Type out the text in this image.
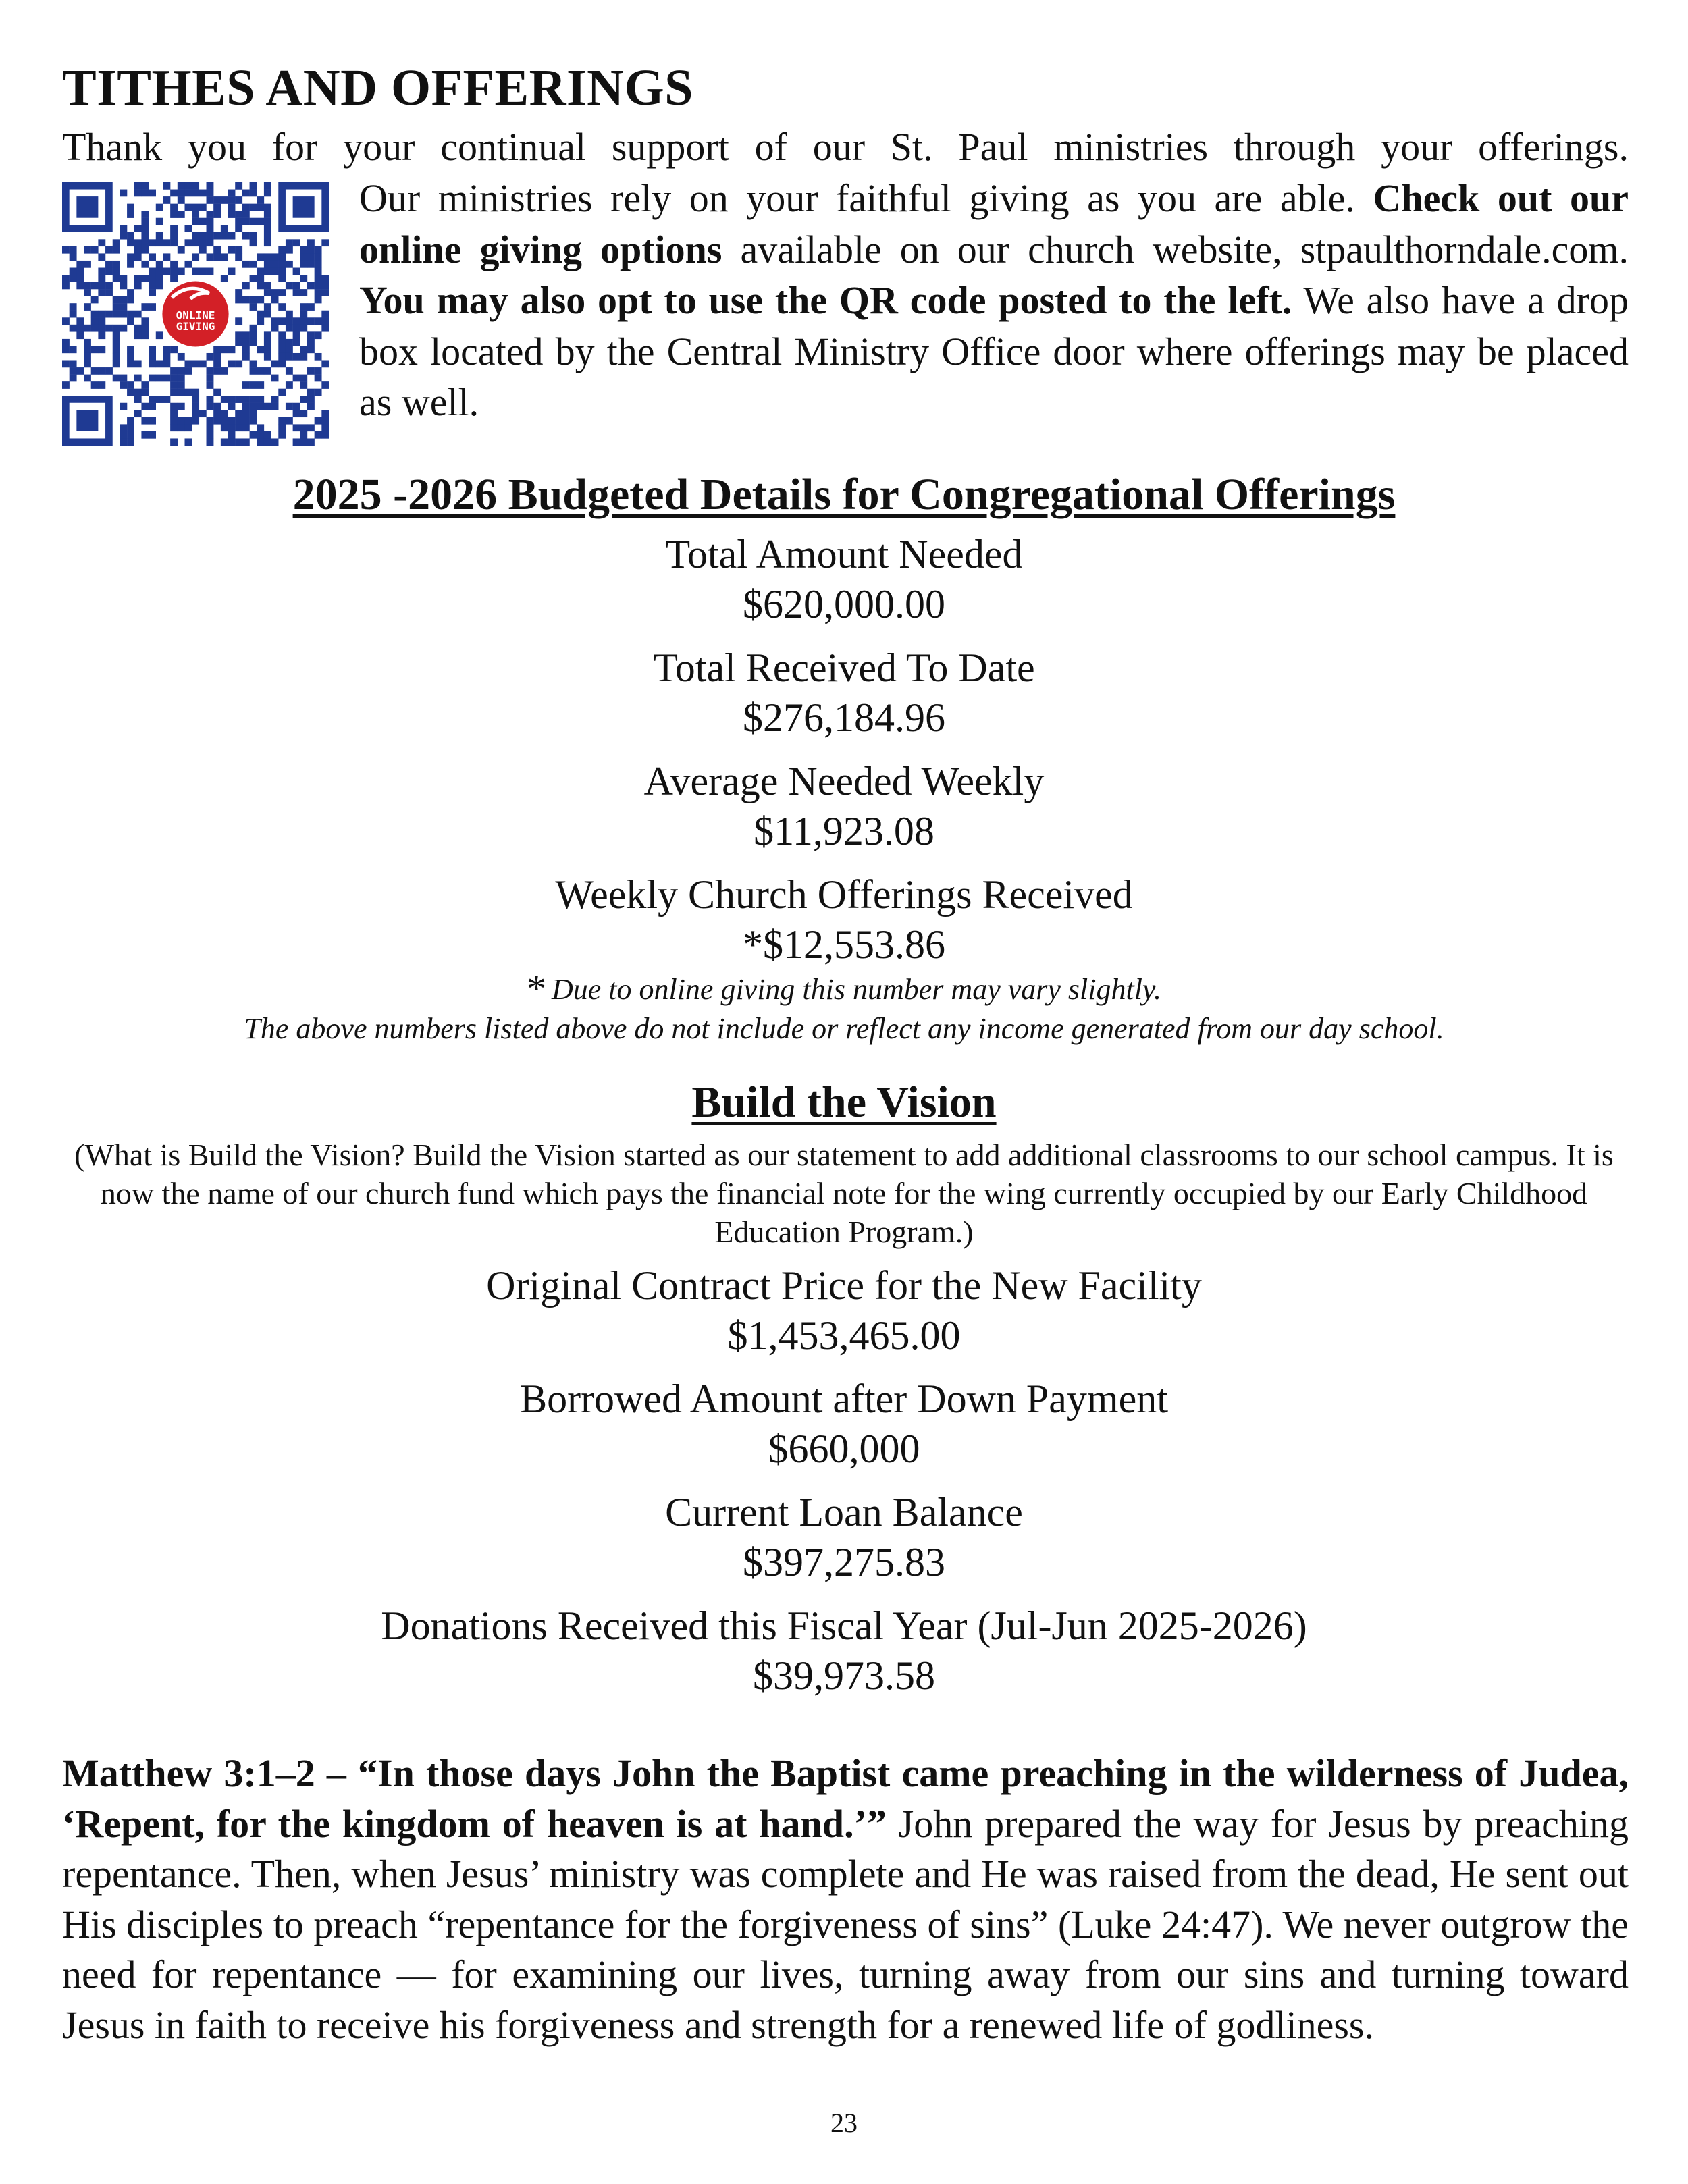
TITHES AND OFFERINGS
Thank you for your continual support of our St. Paul ministries through your offerings.
ONLINE
GIVING
Our ministries rely on your faithful giving as you are able. Check out our online giving options available on our church website, stpaulthorndale.com. You may also opt to use the QR code posted to the left. We also have a drop box located by the Central Ministry Office door where offerings may be placed as well.
2025 -2026 Budgeted Details for Congregational Offerings
Total Amount Needed
$620,000.00
Total Received To Date
$276,184.96
Average Needed Weekly
$11,923.08
Weekly Church Offerings Received
*$12,553.86
* Due to online giving this number may vary slightly.
The above numbers listed above do not include or reflect any income generated from our day school.
Build the Vision
(What is Build the Vision? Build the Vision started as our statement to add additional classrooms to our school campus. It is now the name of our church fund which pays the financial note for the wing currently occupied by our Early Childhood Education Program.)
Original Contract Price for the New Facility
$1,453,465.00
Borrowed Amount after Down Payment
$660,000
Current Loan Balance
$397,275.83
Donations Received this Fiscal Year (Jul-Jun 2025-2026)
$39,973.58
Matthew 3:1–2 – “In those days John the Baptist came preaching in the wilderness of Judea, ‘Repent, for the kingdom of heaven is at hand.’” John prepared the way for Jesus by preaching repentance. Then, when Jesus’ ministry was complete and He was raised from the dead, He sent out His disciples to preach “repentance for the forgiveness of sins” (Luke 24:47). We never outgrow the need for repentance — for examining our lives, turning away from our sins and turning toward Jesus in faith to receive his forgiveness and strength for a renewed life of godliness.
23
